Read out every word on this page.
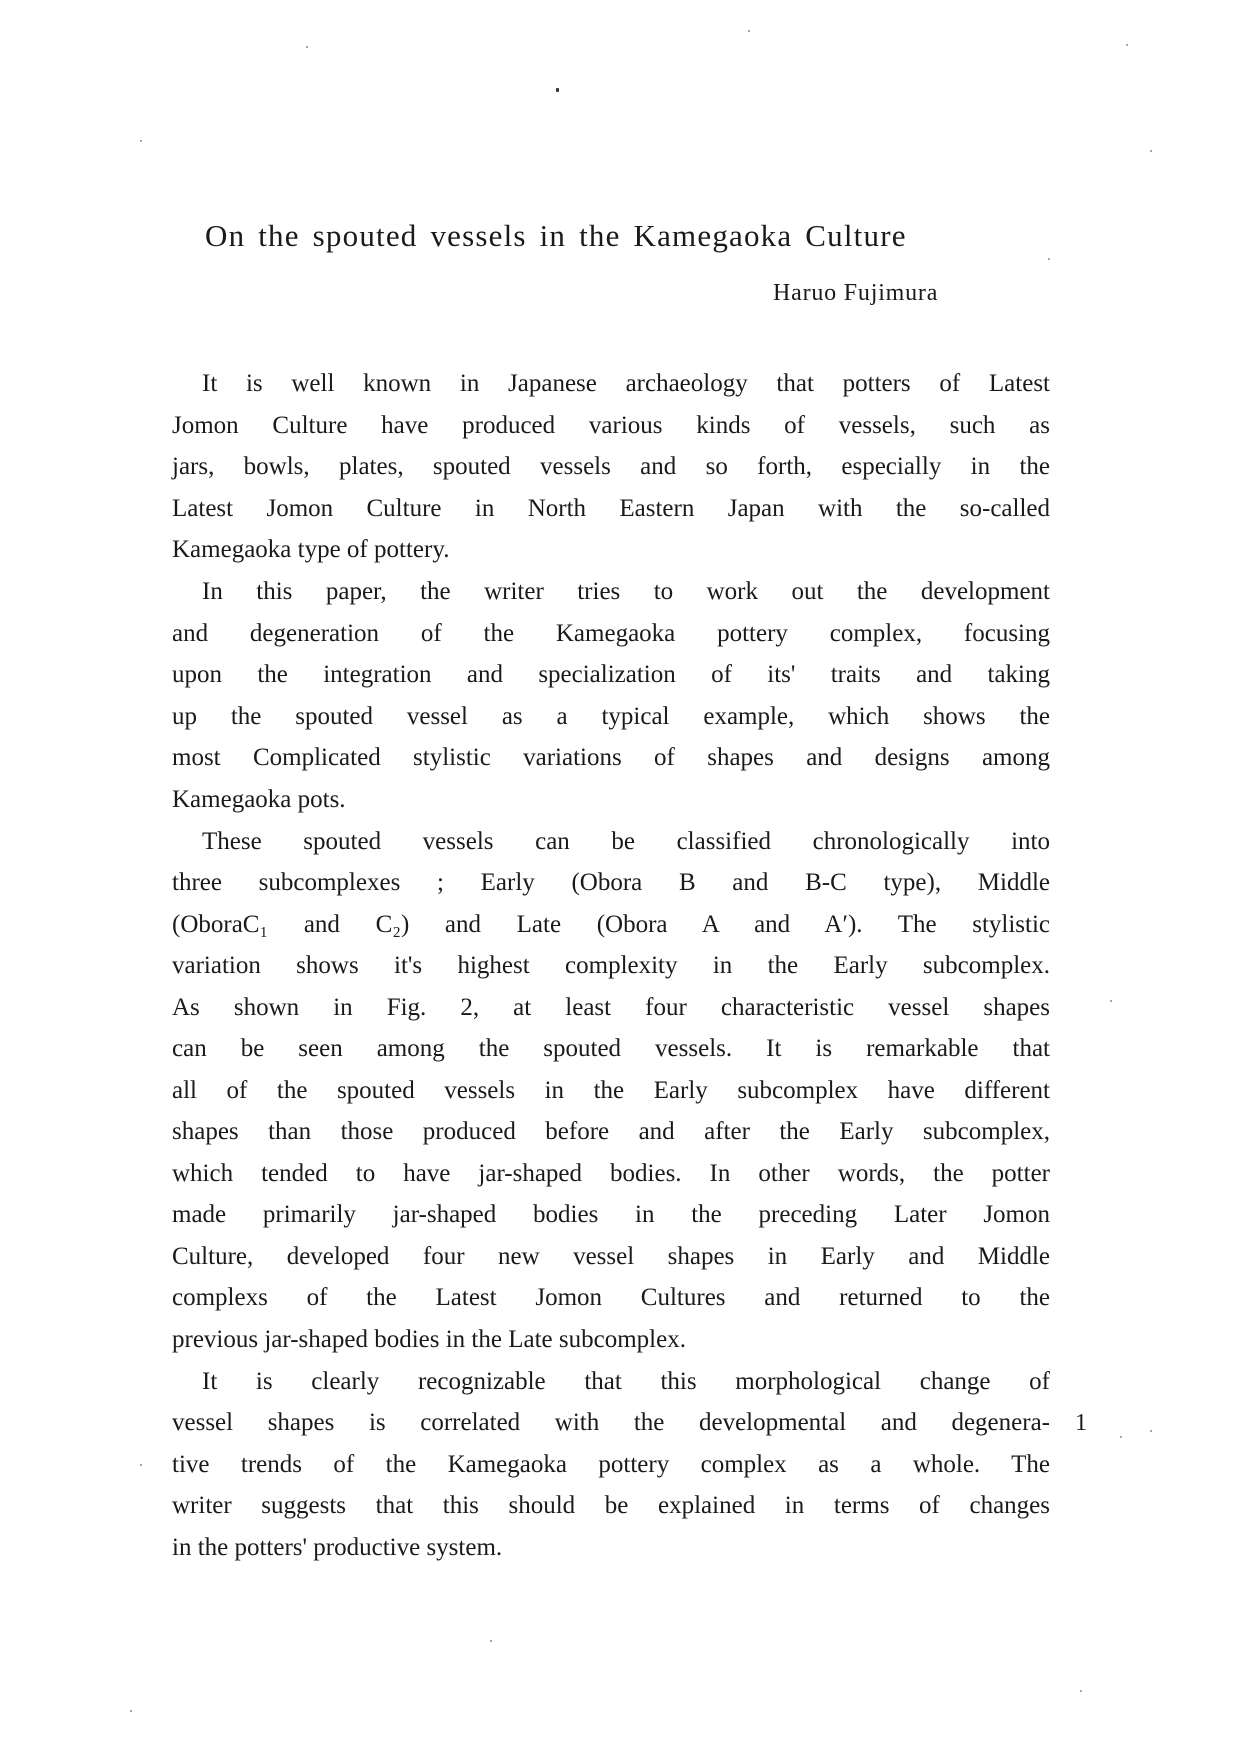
On the spouted vessels in the Kamegaoka Culture
Haruo Fujimura

It is well known in Japanese archaeology that potters of Latest
Jomon Culture have produced various kinds of vessels, such as
jars, bowls, plates, spouted vessels and so forth, especially in the
Latest Jomon Culture in North Eastern Japan with the so-called
Kamegaoka type of pottery.

In this paper, the writer tries to work out the development
and degeneration of the Kamegaoka pottery complex, focusing
upon the integration and specialization of its' traits and taking
up the spouted vessel as a typical example, which shows the
most Complicated stylistic variations of shapes and designs among
Kamegaoka pots.

These spouted vessels can be classified chronologically into
three subcomplexes ; Early (Obora B and B-C type), Middle
(OboraC₁ and C₂) and Late (Obora A and A′). The stylistic
variation shows it's highest complexity in the Early subcomplex.
As shown in Fig. 2, at least four characteristic vessel shapes
can be seen among the spouted vessels. It is remarkable that
all of the spouted vessels in the Early subcomplex have different
shapes than those produced before and after the Early subcomplex,
which tended to have jar-shaped bodies. In other words, the potter
made primarily jar-shaped bodies in the preceding Later Jomon
Culture, developed four new vessel shapes in Early and Middle
complexs of the Latest Jomon Cultures and returned to the
previous jar-shaped bodies in the Late subcomplex.

It is clearly recognizable that this morphological change of
vessel shapes is correlated with the developmental and degenera-
tive trends of the Kamegaoka pottery complex as a whole. The
writer suggests that this should be explained in terms of changes
in the potters' productive system.

1
